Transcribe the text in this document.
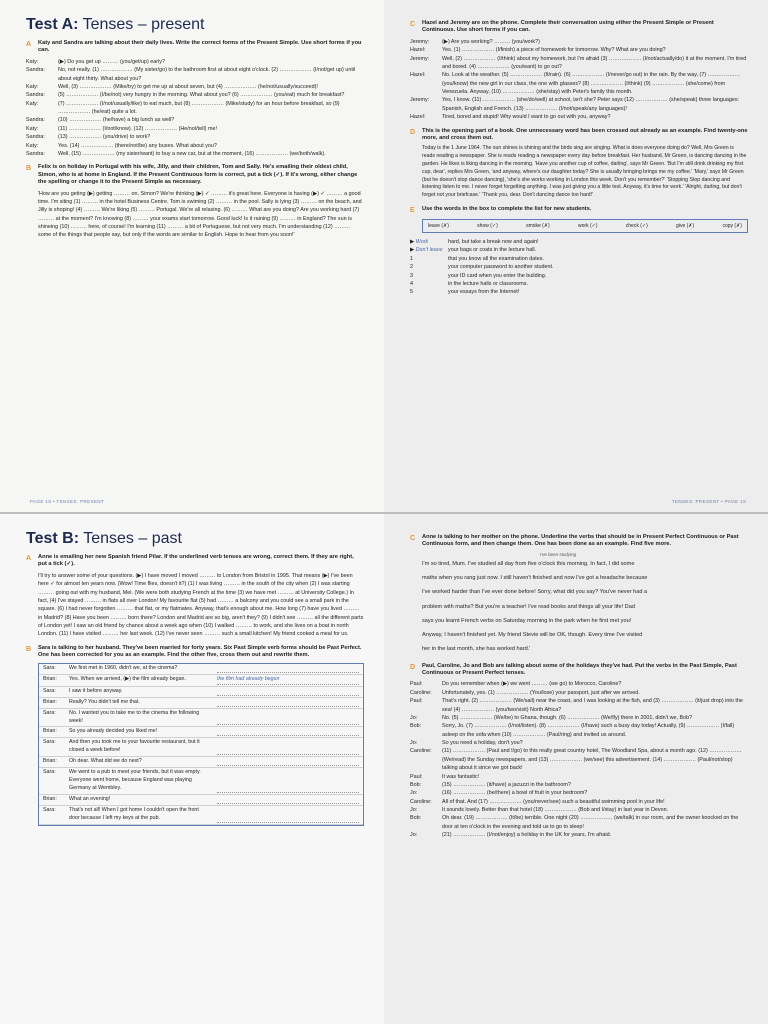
Test A: Tenses – present
A	Katy and Sandra are talking about their daily lives. Write the correct forms of the Present Simple. Use short forms if you can.
Katy:	(▶) Do you get up ……… (you/get/up) early?
Sandra:	No, not really. (1) ……………… (My sister/go) to the bathroom first at about eight o'clock. (2) ……………… (I/not/get up) until about eight thirty. What about you?
Katy:	Well, (3) ……………… (Mike/try) to get me up at about seven, but (4) ……………… (he/not/usually/succeed)!
Sandra:	(5) ……………… (I/be/not) very hungry in the morning. What about you? (6) ……………… (you/eat) much for breakfast?
Katy:	(7) ……………… (I/not/usually/like) to eat much, but (8) ……………… (Mike/study) for an hour before breakfast, so (9) ……………… (he/eat) quite a lot.
Sandra:	(10) ……………… (he/have) a big lunch as well?
Katy:	(11) ……………… (I/not/know). (12) ……………… (He/not/tell) me!
Sandra:	(13) ……………… (you/drive) to work?
Katy:	Yes. (14) ……………… (there/not/be) any buses. What about you?
Sandra:	Well, (15) ……………… (my sister/want) to buy a new car, but at the moment, (16) ……………… (we/both/walk).
B	Felix is on holiday in Portugal with his wife, Jilly, and their children, Tom and Sally. He's emailing their oldest child, Simon, who is at home in England. If the Present Continuous form is correct, put a tick (✓). If it's wrong, either change the spelling or change it to the Present Simple as necessary.
'How are you geting (▶) getting ……… on, Simon? We're thinking (▶) ✓ ……… it's great here. Everyone is having (▶) ✓ ……… a good time. I'm siting (1) ……… in the hotel Business Centre. Tom is swiming (2) ……… in the pool. Sally is lying (3) ……… on the beach, and Jilly is shoping! (4) ……… We're liking (5) ……… Portugal. We're all relaxing. (6) ……… What are you doing? Are you working hard (7) ……… at the moment? I'm knowing (8) ……… your exams start tomorrow. Good luck! Is it raining (9) ……… in England? The sun is shineing (10) ……… here, of course! I'm learning (11) ……… a bit of Portuguese, but not very much. I'm understanding (12) ……… some of the things that people say, but only if the words are similar to English. Hope to hear from you soon!'
PAGE 18 • TENSES: PRESENT
C	Hazel and Jeremy are on the phone. Complete their conversation using either the Present Simple or Present Continuous. Use short forms if you can.
Jeremy:	(▶) Are you working? ……… (you/work?)
Hazel:	Yes. (1) ……………… (I/finish) a piece of homework for tomorrow. Why? What are you doing?
Jeremy:	Well, (2) ……………… (I/think) about my homework, but I'm afraid (3) ……………… (I/not/actually/do) it at the moment. I'm tired and bored. (4) ……………… (you/want) to go out?
Hazel:	No. Look at the weather. (5) ……………… (It/rain). (6) ……………… (I/never/go out) in the rain. By the way, (7) ……………… (you/know) the new girl in our class, the one with glasses? (8) ……………… (I/think) (9) ……………… (she/come) from Venezuela. Anyway, (10) ……………… (she/stay) with Peter's family this month.
Jeremy:	Yes, I know. (11) ……………… (she/do/well) at school, isn't she? Peter says (12) ……………… (she/speak) three languages: Spanish, English and French. (13) ……………… (I/not/speak/any languages)!
Hazel:	Tired, bored and stupid! Why would I want to go out with you, anyway?
D	This is the opening part of a book. One unnecessary word has been crossed out already as an example. Find twenty-one more, and cross them out.
Today is the 1 June 1964. The sun shines is shining and the birds sing are singing. What is does everyone doing do? Well, Mrs Green is reads reading a newspaper. She is reads reading a newspaper every day before breakfast. Her husband, Mr Green, is dancing dancing in the garden. He likes is liking dancing in the morning. 'Have you another cup of coffee, darling', says Mr Green. 'But I'm still drink drinking my first cup, dear', replies Mrs Green, 'and anyway, where's our daughter today? She is usually bringing brings me my coffee.' 'Mary,' says Mr Green (but he doesn't stop dance dancing), 'she's she works working in London this week. Don't you remember?' 'Stopping Stop dancing and listening listen to me. I never forget forgetting anything. I was just giving you a little test. Anyway, it's time for work.' 'Alright, darling, but don't forget not your briefcase.' 'Thank you, dear. Don't dancing dance too hard!'
E	Use the words in the box to complete the list for new students.
leave (✗)	show (✓)	smoke (✗)	work (✓)	check (✓)	give (✗)	copy (✗)
▶ Work	hard, but take a break now and again!
▶ Don't leave	your bags or coats in the lecture hall.
1	that you know all the examination dates.
2	your computer password to another student.
3	your ID card when you enter the building.
4	in the lecture halls or classrooms.
5	your essays from the Internet!
TENSES: PRESENT • PAGE 19
Test B: Tenses – past
A	Anne is emailing her new Spanish friend Pilar. If the underlined verb tenses are wrong, correct them. If they are right, put a tick (✓).
I'll try to answer some of your questions. (▶) I have moved I moved ……… to London from Bristol in 1995. That means (▶) I've been here ✓ for almost ten years now. (Wow! Time flies, doesn't it?) (1) I was living ……… in the south of the city when (2) I was starting ……… going out with my husband, Mel. (We were both studying French at the time (3) we have met ……… at University College.) In fact, (4) I've stayed ……… in flats all over London! My favourite flat (5) had ……… a balcony and you could see a small park in the square. (6) I had never forgotten ……… that flat, or my flatmates. Anyway, that's enough about me. How long (7) have you lived ……… in Madrid? (8) Have you been ……… born there? London and Madrid are so big, aren't they? (9) I didn't see ……… all the different parts of London yet! I saw an old friend by chance about a week ago when (10) I walked ……… to work, and she lives on a boat in north London. (11) I have visited ……… her last week. (12) I've never seen ……… such a small kitchen! My friend cooked a meal for us.
B	Sara is talking to her husband. They've been married for forty years. Six Past Simple verb forms should be Past Perfect. One has been corrected for you as an example. Find the other five, cross them out and rewrite them.
Sara:	We first met in 1960, didn't we, at the cinema?
Brian:	Yes. When we arrived, (▶) the film already began.	the film had already begun
Sara:	I saw it before anyway.
Brian:	Really? You didn't tell me that.
Sara:	No. I wanted you to take me to the cinema the following week!
Brian:	So you already decided you liked me!
Sara:	And then you took me to your favourite restaurant, but it closed a week before!
Brian:	Oh dear. What did we do next?
Sara:	We went to a pub to meet your friends, but it was empty. Everyone went home, because England was playing Germany at Wembley.
Brian:	What an evening!
Sara:	That's not all! When I got home I couldn't open the front door because I left my keys at the pub.
C	Anne is talking to her mother on the phone. Underline the verbs that should be in Present Perfect Continuous or Past Continuous form, and then change them. One has been done as an example. Find five more.
I've been studying
I'm so tired, Mum. I've studied all day from five o'clock this morning. In fact, I did some
maths when you rang just now. I still haven't finished and now I've got a headache because
I've worked harder than I've ever done before! Sorry, what did you say? You've never had a
problem with maths? But you're a teacher! I've read books and things all your life! Dad
says you learnt French verbs on Saturday morning in the park when he first met you!
Anyway, I haven't finished yet. My friend Stevie will be OK, though. Every time I've visited
her in the last month, she has worked hard.'
D	Paul, Caroline, Jo and Bob are talking about some of the holidays they've had. Put the verbs in the Past Simple, Past Continuous or Present Perfect tenses.
Paul:	Do you remember when (▶) we went ……… (we go) to Morocco, Caroline?
Caroline:	Unfortunately, yes. (1) ……………… (You/lose) your passport, just after we arrived.
Paul:	That's right. (2) ……………… (We/sail) near the coast, and I was looking at the fish, and (3) ……………… (it/just drop) into the sea! (4) ……………… (you/two/visit) North Africa?
Jo:	No. (5) ……………… (We/be) to Ghana, though. (6) ……………… (We/fly) there in 2001, didn't we, Bob?
Bob:	Sorry, Jo. (7) ……………… (I/not/listen). (8) ……………… (I/have) such a busy day today! Actually, (9) ……………… (I/fall) asleep on the sofa when (10) ……………… (Paul/ring) and invited us around.
Jo:	So you need a holiday, don't you?
Caroline:	(11) ……………… (Paul and I/go) to this really great country hotel, The Woodland Spa, about a month ago. (12) ……………… (We/read) the Sunday newspapers, and (13) ……………… (we/see) this advertisement. (14) ……………… (Paul/not/stop) talking about it since we got back!
Paul:	It was fantastic!
Bob:	(15) ……………… (it/have) a jacuzzi in the bathroom?
Jo:	(16) ……………… (be/there) a bowl of fruit in your bedroom?
Caroline:	All of that. And (17) ……………… (you/never/see) such a beautiful swimming pool in your life!
Jo:	It sounds lovely. Better than that hotel (18) ……………… (Bob and I/stay) in last year in Devon.
Bob:	Oh dear. (19) ……………… (It/be) terrible. One night (20) ……………… (we/talk) in our room, and the owner knocked on the door at ten o'clock in the evening and told us to go to sleep!
Jo:	(21) ……………… (I/not/enjoy) a holiday in the UK for years, I'm afraid.
